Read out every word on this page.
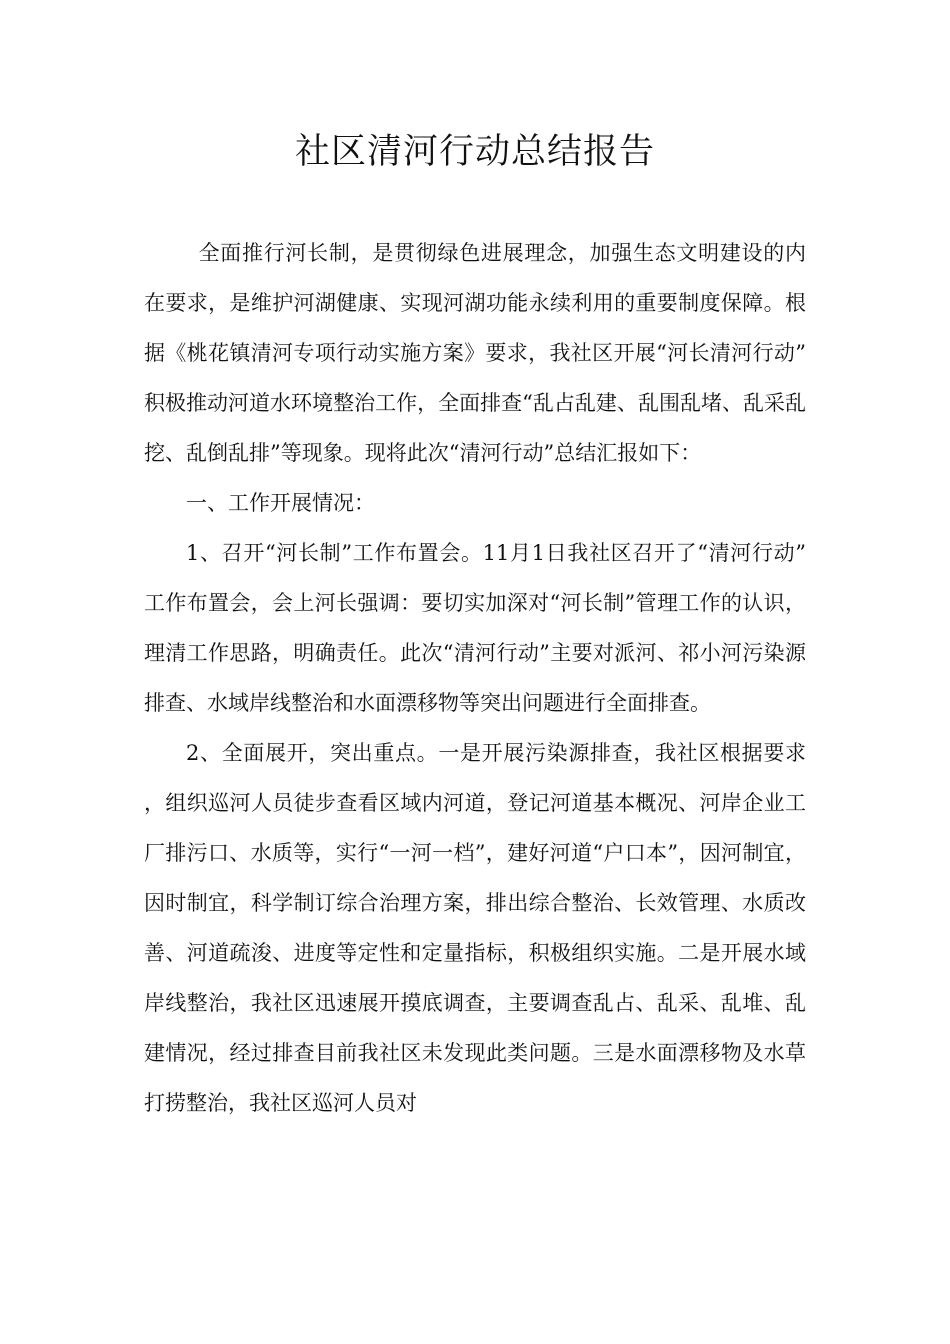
社区清河行动总结报告

全面推行河长制，是贯彻绿色进展理念，加强生态文明建设的内在要求，是维护河湖健康、实现河湖功能永续利用的重要制度保障。根据《桃花镇清河专项行动实施方案》要求，我社区开展“河长清河行动”积极推动河道水环境整治工作，全面排查“乱占乱建、乱围乱堵、乱采乱挖、乱倒乱排”等现象。现将此次“清河行动”总结汇报如下：

一、工作开展情况：

1、召开“河长制”工作布置会。11月1日我社区召开了“清河行动”工作布置会，会上河长强调：要切实加深对“河长制”管理工作的认识，理清工作思路，明确责任。此次“清河行动”主要对派河、祁小河污染源排查、水域岸线整治和水面漂移物等突出问题进行全面排查。

2、全面展开，突出重点。一是开展污染源排查，我社区根据要求，组织巡河人员徒步查看区域内河道，登记河道基本概况、河岸企业工厂排污口、水质等，实行“一河一档”，建好河道“户口本”，因河制宜，因时制宜，科学制订综合治理方案，排出综合整治、长效管理、水质改善、河道疏浚、进度等定性和定量指标，积极组织实施。二是开展水域岸线整治，我社区迅速展开摸底调查，主要调查乱占、乱采、乱堆、乱建情况，经过排查目前我社区未发现此类问题。三是水面漂移物及水草打捞整治，我社区巡河人员对
